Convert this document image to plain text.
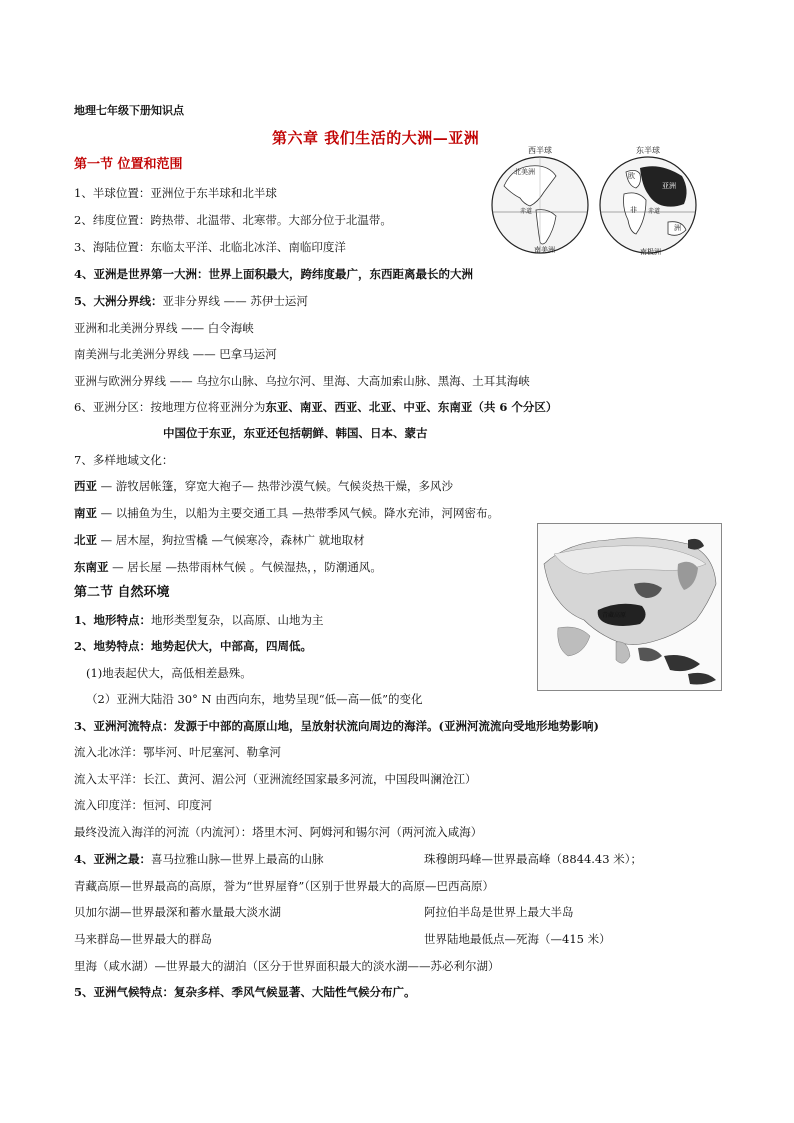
地理七年级下册知识点
第六章 我们生活的大洲—亚洲
第一节 位置和范围
1、半球位置：亚洲位于东半球和北半球
2、纬度位置：跨热带、北温带、北寒带。大部分位于北温带。
3、海陆位置：东临太平洋、北临北冰洋、南临印度洋
4、亚洲是世界第一大洲：世界上面积最大，跨纬度最广，东西距离最长的大洲
5、大洲分界线：亚非分界线 —— 苏伊士运河
亚洲和北美洲分界线 —— 白令海峡
南美洲与北美洲分界线 —— 巴拿马运河
亚洲与欧洲分界线 —— 乌拉尔山脉、乌拉尔河、里海、大高加索山脉、黑海、土耳其海峡
6、亚洲分区：按地理方位将亚洲分为东亚、南亚、西亚、北亚、中亚、东南亚（共 6 个分区）
中国位于东亚，东亚还包括朝鲜、韩国、日本、蒙古
7、多样地域文化：
西亚 — 游牧居帐篷，穿宽大袍子— 热带沙漠气候。气候炎热干燥，多风沙
南亚 — 以捕鱼为生，以船为主要交通工具 —热带季风气候。降水充沛，河网密布。
北亚 — 居木屋，狗拉雪橇 —气候寒冷，森林广 就地取材
东南亚 — 居长屋 —热带雨林气候 。气候湿热，，防潮通风。
第二节 自然环境
1、地形特点：地形类型复杂，以高原、山地为主
2、地势特点：地势起伏大，中部高，四周低。
(1)地表起伏大，高低相差悬殊。
（2）亚洲大陆沿 30° N 由西向东，地势呈现“低—高—低”的变化
3、亚洲河流特点：发源于中部的高原山地，呈放射状流向周边的海洋。(亚洲河流流向受地形地势影响)
流入北冰洋：鄂毕河、叶尼塞河、勒拿河
流入太平洋：长江、黄河、湄公河（亚洲流经国家最多河流，中国段叫澜沧江）
流入印度洋：恒河、印度河
最终没流入海洋的河流（内流河）：塔里木河、阿姆河和锡尔河（两河流入咸海）
4、亚洲之最：喜马拉雅山脉—世界上最高的山脉	珠穆朗玛峰—世界最高峰（8844.43 米）；
青藏高原—世界最高的高原，誉为“世界屋脊”（区别于世界最大的高原—巴西高原）
贝加尔湖—世界最深和蓄水量最大淡水湖	阿拉伯半岛是世界上最大半岛
马来群岛—世界最大的群岛	世界陆地最低点—死海（—415 米）
里海（咸水湖）—世界最大的湖泊（区分于世界面积最大的淡水湖——苏必利尔湖）
5、亚洲气候特点：复杂多样、季风气候显著、大陆性气候分布广。
西半球	东半球
北美洲
南美洲
赤道	赤道
亚洲
欧
非
洲
南极洲
青藏高原
